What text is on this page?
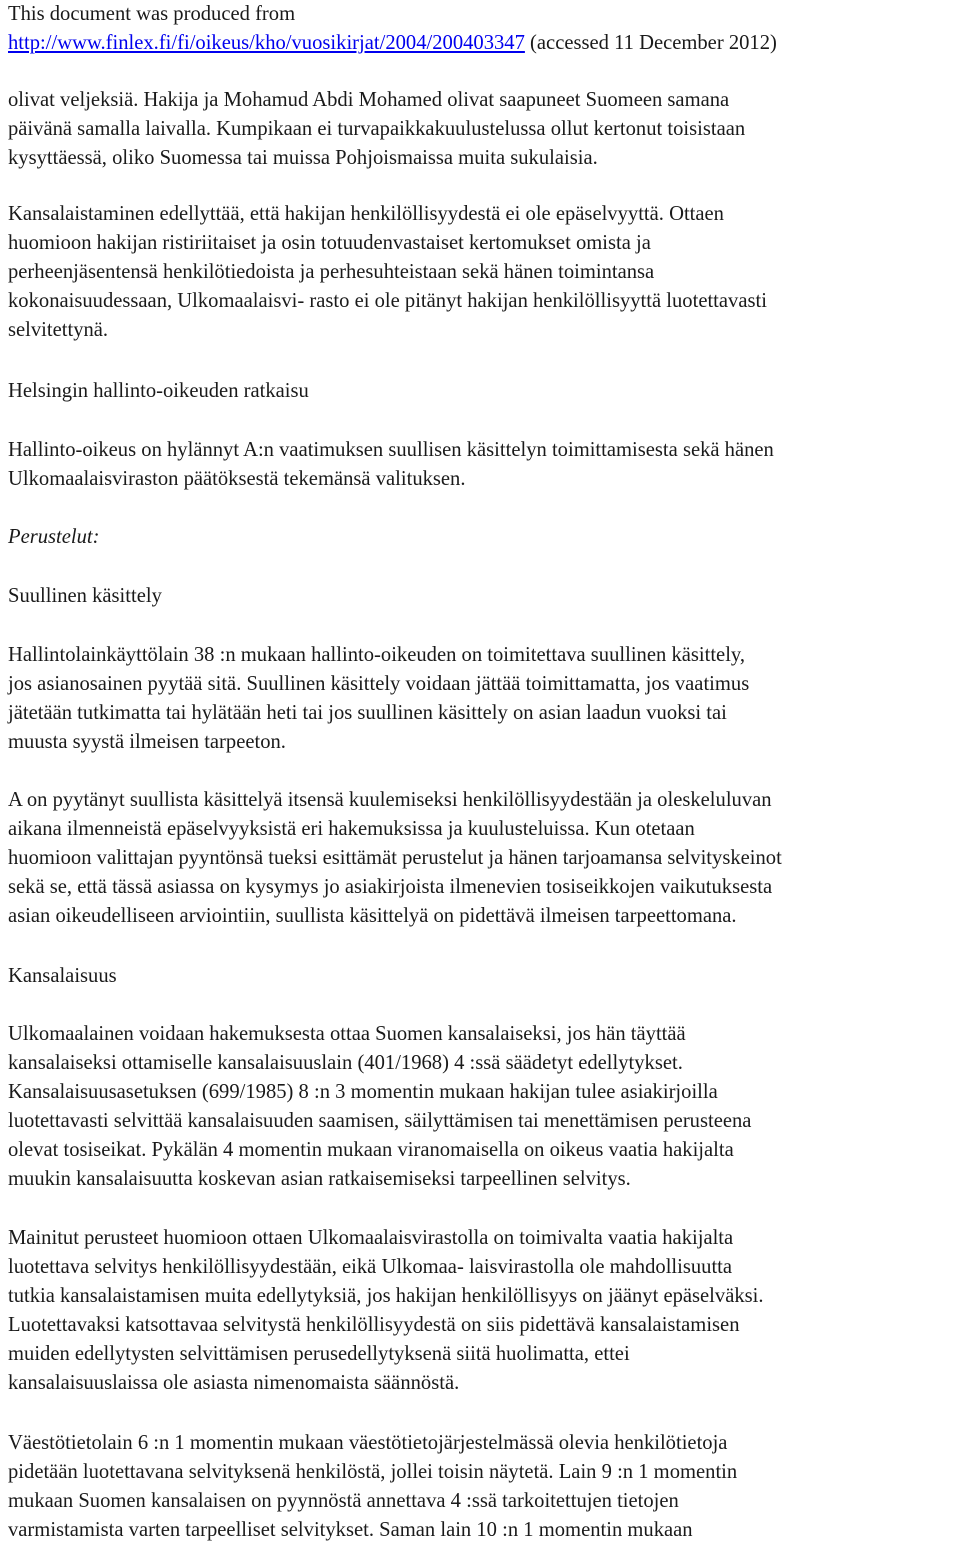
This document was produced from
http://www.finlex.fi/fi/oikeus/kho/vuosikirjat/2004/200403347 (accessed 11 December 2012)
olivat veljeksiä. Hakija ja Mohamud Abdi Mohamed olivat saapuneet Suomeen samana
päivänä samalla laivalla. Kumpikaan ei turvapaikkakuulustelussa ollut kertonut toisistaan
kysyttäessä, oliko Suomessa tai muissa Pohjoismaissa muita sukulaisia.
Kansalaistaminen edellyttää, että hakijan henkilöllisyydestä ei ole epäselvyyttä. Ottaen
huomioon hakijan ristiriitaiset ja osin totuudenvastaiset kertomukset omista ja
perheenjäsentensä henkilötiedoista ja perhesuhteistaan sekä hänen toimintansa
kokonaisuudessaan, Ulkomaalaisvi- rasto ei ole pitänyt hakijan henkilöllisyyttä luotettavasti
selvitettynä.
Helsingin hallinto-oikeuden ratkaisu
Hallinto-oikeus on hylännyt A:n vaatimuksen suullisen käsittelyn toimittamisesta sekä hänen
Ulkomaalaisviraston päätöksestä tekemänsä valituksen.
Perustelut:
Suullinen käsittely
Hallintolainkäyttölain 38 :n mukaan hallinto-oikeuden on toimitettava suullinen käsittely,
jos asianosainen pyytää sitä. Suullinen käsittely voidaan jättää toimittamatta, jos vaatimus
jätetään tutkimatta tai hylätään heti tai jos suullinen käsittely on asian laadun vuoksi tai
muusta syystä ilmeisen tarpeeton.
A on pyytänyt suullista käsittelyä itsensä kuulemiseksi henkilöllisyydestään ja oleskeluluvan
aikana ilmenneistä epäselvyyksistä eri hakemuksissa ja kuulusteluissa. Kun otetaan
huomioon valittajan pyyntönsä tueksi esittämät perustelut ja hänen tarjoamansa selvityskeinot
sekä se, että tässä asiassa on kysymys jo asiakirjoista ilmenevien tosiseikkojen vaikutuksesta
asian oikeudelliseen arviointiin, suullista käsittelyä on pidettävä ilmeisen tarpeettomana.
Kansalaisuus
Ulkomaalainen voidaan hakemuksesta ottaa Suomen kansalaiseksi, jos hän täyttää
kansalaiseksi ottamiselle kansalaisuuslain (401/1968) 4 :ssä säädetyt edellytykset.
Kansalaisuusasetuksen (699/1985) 8 :n 3 momentin mukaan hakijan tulee asiakirjoilla
luotettavasti selvittää kansalaisuuden saamisen, säilyttämisen tai menettämisen perusteena
olevat tosiseikat. Pykälän 4 momentin mukaan viranomaisella on oikeus vaatia hakijalta
muukin kansalaisuutta koskevan asian ratkaisemiseksi tarpeellinen selvitys.
Mainitut perusteet huomioon ottaen Ulkomaalaisvirastolla on toimivalta vaatia hakijalta
luotettava selvitys henkilöllisyydestään, eikä Ulkomaa- laisvirastolla ole mahdollisuutta
tutkia kansalaistamisen muita edellytyksiä, jos hakijan henkilöllisyys on jäänyt epäselväksi.
Luotettavaksi katsottavaa selvitystä henkilöllisyydestä on siis pidettävä kansalaistamisen
muiden edellytysten selvittämisen perusedellytyksenä siitä huolimatta, ettei
kansalaisuuslaissa ole asiasta nimenomaista säännöstä.
Väestötietolain 6 :n 1 momentin mukaan väestötietojärjestelmässä olevia henkilötietoja
pidetään luotettavana selvityksenä henkilöstä, jollei toisin näytetä. Lain 9 :n 1 momentin
mukaan Suomen kansalaisen on pyynnöstä annettava 4 :ssä tarkoitettujen tietojen
varmistamista varten tarpeelliset selvitykset. Saman lain 10 :n 1 momentin mukaan
